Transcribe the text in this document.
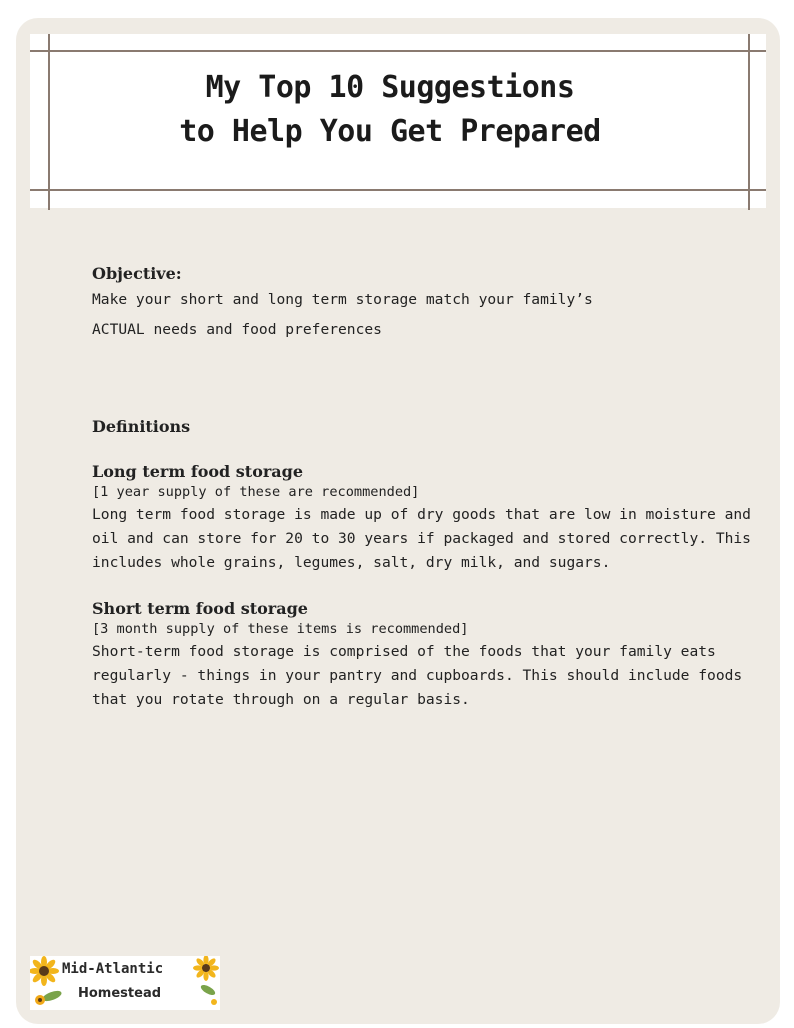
My Top 10 Suggestions
to Help You Get Prepared
Objective:
Make your short and long term storage match your family’s
ACTUAL needs and food preferences
Definitions
Long term food storage
[1 year supply of these are recommended]
Long term food storage is made up of dry goods that are low in moisture and
oil and can store for 20 to 30 years if packaged and stored correctly. This
includes whole grains, legumes, salt, dry milk, and sugars.
Short term food storage
[3 month supply of these items is recommended]
Short-term food storage is comprised of the foods that your family eats
regularly - things in your pantry and cupboards. This should include foods
that you rotate through on a regular basis.
Mid-Atlantic
Homestead
